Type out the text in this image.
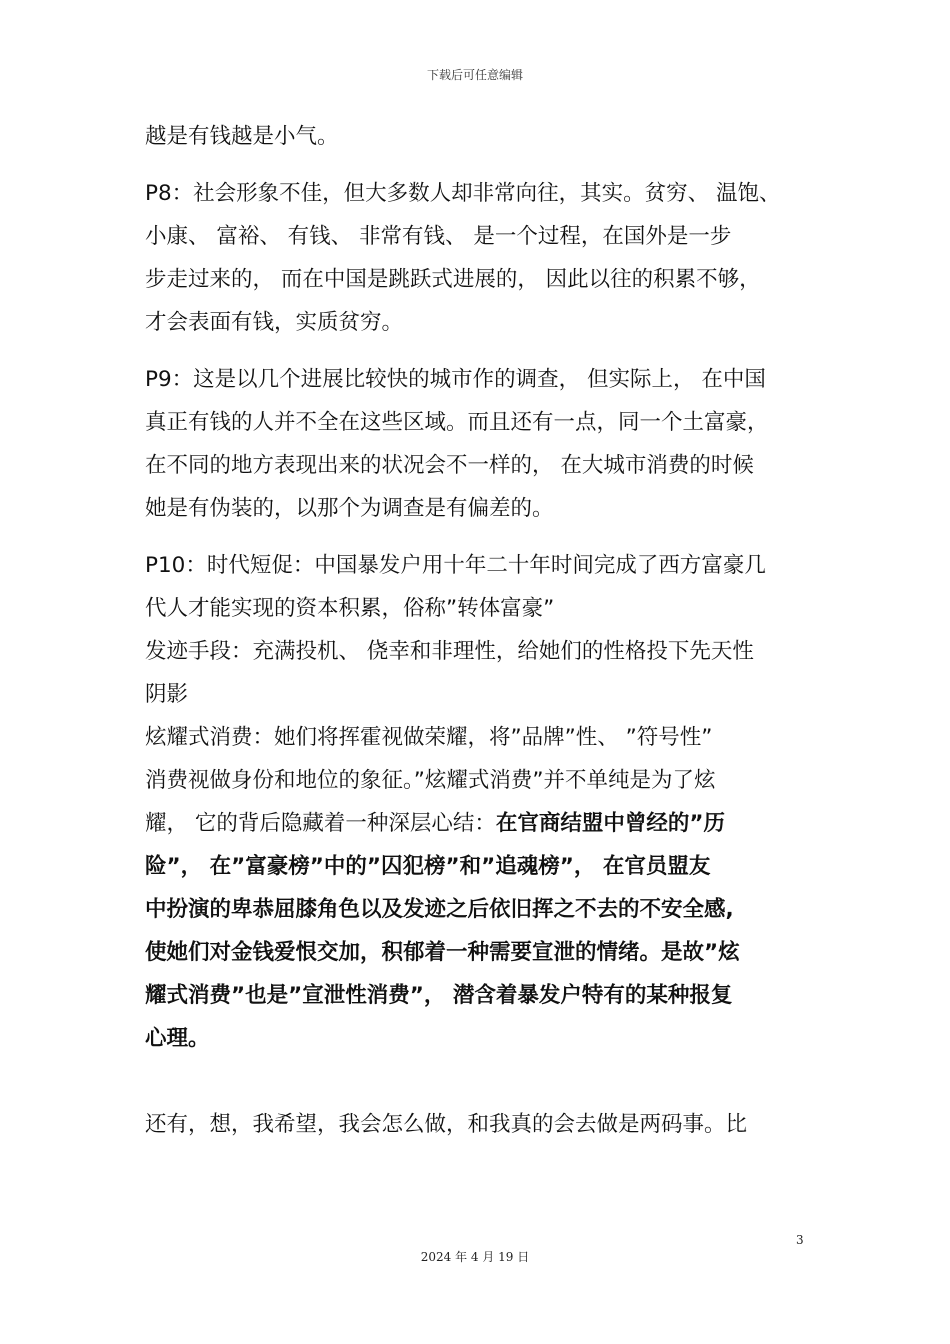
下载后可任意编辑

越是有钱越是小气。

P8：社会形象不佳，但大多数人却非常向往，其实。贫穷、 温饱、
小康、 富裕、 有钱、 非常有钱、 是一个过程，在国外是一步
步走过来的， 而在中国是跳跃式进展的， 因此以往的积累不够，
才会表面有钱，实质贫穷。

P9：这是以几个进展比较快的城市作的调查， 但实际上， 在中国
真正有钱的人并不全在这些区域。而且还有一点，同一个土富豪，
在不同的地方表现出来的状况会不一样的， 在大城市消费的时候
她是有伪装的，以那个为调查是有偏差的。

P10：时代短促：中国暴发户用十年二十年时间完成了西方富豪几
代人才能实现的资本积累，俗称”转体富豪”
发迹手段：充满投机、 侥幸和非理性，给她们的性格投下先天性
阴影
炫耀式消费：她们将挥霍视做荣耀，将”品牌”性、 ”符号性”
消费视做身份和地位的象征。”炫耀式消费”并不单纯是为了炫
耀， 它的背后隐藏着一种深层心结：在官商结盟中曾经的”历
险”， 在”富豪榜”中的”囚犯榜”和”追魂榜”， 在官员盟友
中扮演的卑恭屈膝角色以及发迹之后依旧挥之不去的不安全感,
使她们对金钱爱恨交加，积郁着一种需要宣泄的情绪。是故”炫
耀式消费”也是”宣泄性消费”， 潜含着暴发户特有的某种报复
心理。

还有，想，我希望，我会怎么做，和我真的会去做是两码事。比

3
2024 年 4 月 19 日
